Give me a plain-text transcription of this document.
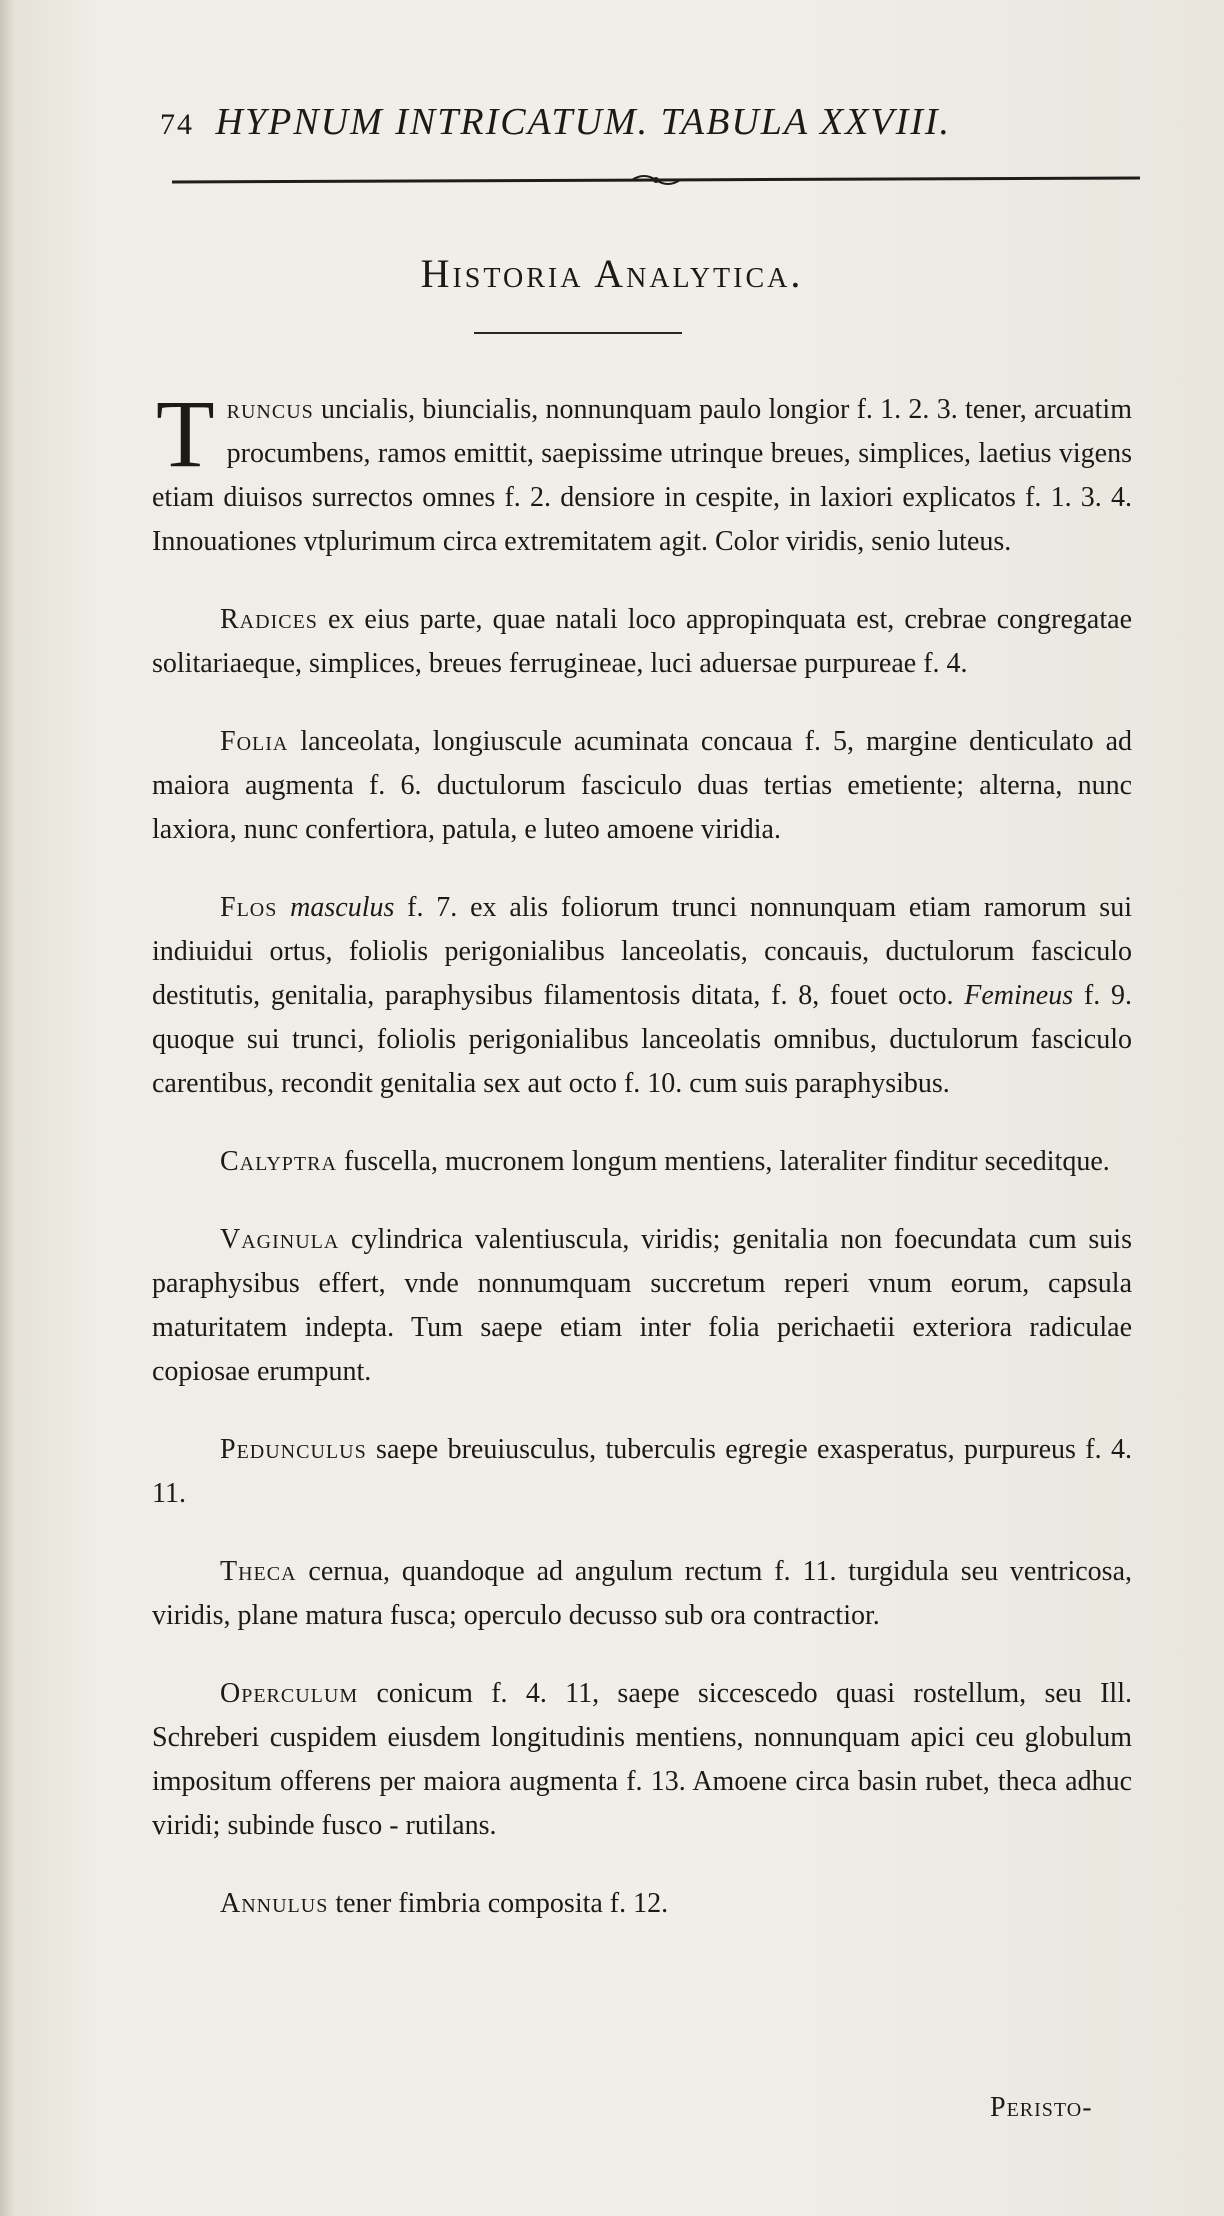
74 HYPNUM INTRICATUM. TABULA XXVIII.
Historia Analytica.

Truncus uncialis, biuncialis, nonnunquam paulo longior f. 1. 2. 3. tener, arcuatim procumbens, ramos emittit, saepissime utrinque breues, simplices, laetius vigens etiam diuisos surrectos omnes f. 2. densiore in cespite, in laxiori explicatos f. 1. 3. 4. Innouationes vtplurimum circa extremitatem agit. Color viridis, senio luteus.

Radices ex eius parte, quae natali loco appropinquata est, crebrae congregatae solitariaeque, simplices, breues ferrugineae, luci aduersae purpureae f. 4.

Folia lanceolata, longiuscule acuminata concaua f. 5, margine denticulato ad maiora augmenta f. 6. ductulorum fasciculo duas tertias emetiente; alterna, nunc laxiora, nunc confertiora, patula, e luteo amoene viridia.

Flos masculus f. 7. ex alis foliorum trunci nonnunquam etiam ramorum sui indiuidui ortus, foliolis perigonialibus lanceolatis, concauis, ductulorum fasciculo destitutis, genitalia, paraphysibus filamentosis ditata, f. 8, fouet octo. Femineus f. 9. quoque sui trunci, foliolis perigonialibus lanceolatis omnibus, ductulorum fasciculo carentibus, recondit genitalia sex aut octo f. 10. cum suis paraphysibus.

Calyptra fuscella, mucronem longum mentiens, lateraliter finditur seceditque.

Vaginula cylindrica valentiuscula, viridis; genitalia non foecundata cum suis paraphysibus effert, vnde nonnumquam succretum reperi vnum eorum, capsula maturitatem indepta. Tum saepe etiam inter folia perichaetii exteriora radiculae copiosae erumpunt.

Pedunculus saepe breuiusculus, tuberculis egregie exasperatus, purpureus f. 4. 11.

Theca cernua, quandoque ad angulum rectum f. 11. turgidula seu ventricosa, viridis, plane matura fusca; operculo decusso sub ora contractior.

Operculum conicum f. 4. 11, saepe siccescedo quasi rostellum, seu Ill. Schreberi cuspidem eiusdem longitudinis mentiens, nonnunquam apici ceu globulum impositum offerens per maiora augmenta f. 13. Amoene circa basin rubet, theca adhuc viridi; subinde fusco - rutilans.

Annulus tener fimbria composita f. 12.

Peristo-
